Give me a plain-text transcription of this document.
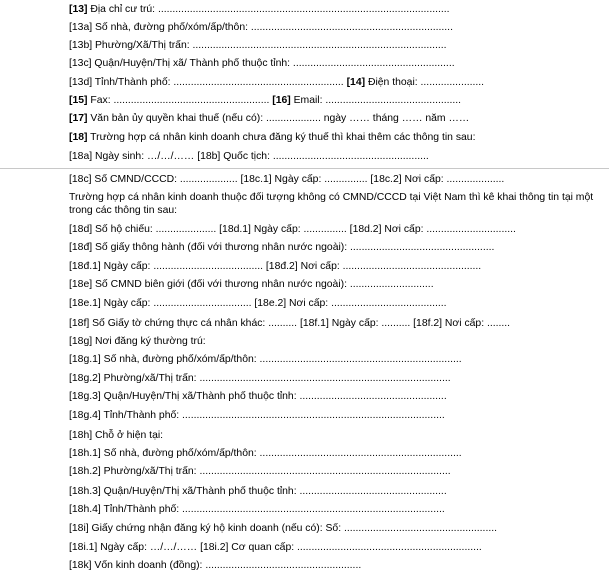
[13] Địa chỉ cư trú: .....................................................................................................
[13a] Số nhà, đường phố/xóm/ấp/thôn: ......................................................................
[13b] Phường/Xã/Thị trấn: ........................................................................................
[13c] Quận/Huyện/Thị xã/ Thành phố thuộc tỉnh: ........................................................
[13d] Tỉnh/Thành phố: ........................................................... [14] Điện thoại: ......................
[15] Fax: ...................................................... [16] Email: ...............................................
[17] Văn bản ủy quyền khai thuế (nếu có): ................... ngày …… tháng …… năm ……
[18] Trường hợp cá nhân kinh doanh chưa đăng ký thuế thì khai thêm các thông tin sau:
[18a] Ngày sinh: …/…/…… [18b] Quốc tịch: ......................................................
[18c] Số CMND/CCCD: .................... [18c.1] Ngày cấp: ............... [18c.2] Nơi cấp: ....................
Trường hợp cá nhân kinh doanh thuộc đối tượng không có CMND/CCCD tại Việt Nam thì kê khai thông tin tại một trong các thông tin sau:
[18d] Số hộ chiếu: ..................... [18d.1] Ngày cấp: ............... [18d.2] Nơi cấp: ...............................
[18đ] Số giấy thông hành (đối với thương nhân nước ngoài): ..................................................
[18đ.1] Ngày cấp: ...................................... [18đ.2] Nơi cấp: ................................................
[18e] Số CMND biên giới (đối với thương nhân nước ngoài): .............................
[18e.1] Ngày cấp: .................................. [18e.2] Nơi cấp: ........................................
[18f] Số Giấy tờ chứng thực cá nhân khác: .......... [18f.1] Ngày cấp: .......... [18f.2] Nơi cấp: ........
[18g] Nơi đăng ký thường trú:
[18g.1] Số nhà, đường phố/xóm/ấp/thôn: ......................................................................
[18g.2] Phường/xã/Thị trấn: .......................................................................................
[18g.3] Quận/Huyện/Thị xã/Thành phố thuộc tỉnh: ...................................................
[18g.4] Tỉnh/Thành phố: ...........................................................................................
[18h] Chỗ ở hiện tại:
[18h.1] Số nhà, đường phố/xóm/ấp/thôn: ......................................................................
[18h.2] Phường/xã/Thị trấn: .......................................................................................
[18h.3] Quận/Huyện/Thị xã/Thành phố thuộc tỉnh: ...................................................
[18h.4] Tỉnh/Thành phố: ...........................................................................................
[18i] Giấy chứng nhận đăng ký hộ kinh doanh (nếu có): Số: .....................................................
[18i.1] Ngày cấp: …/…/…… [18i.2] Cơ quan cấp: ................................................................
[18k] Vốn kinh doanh (đồng): ......................................................
